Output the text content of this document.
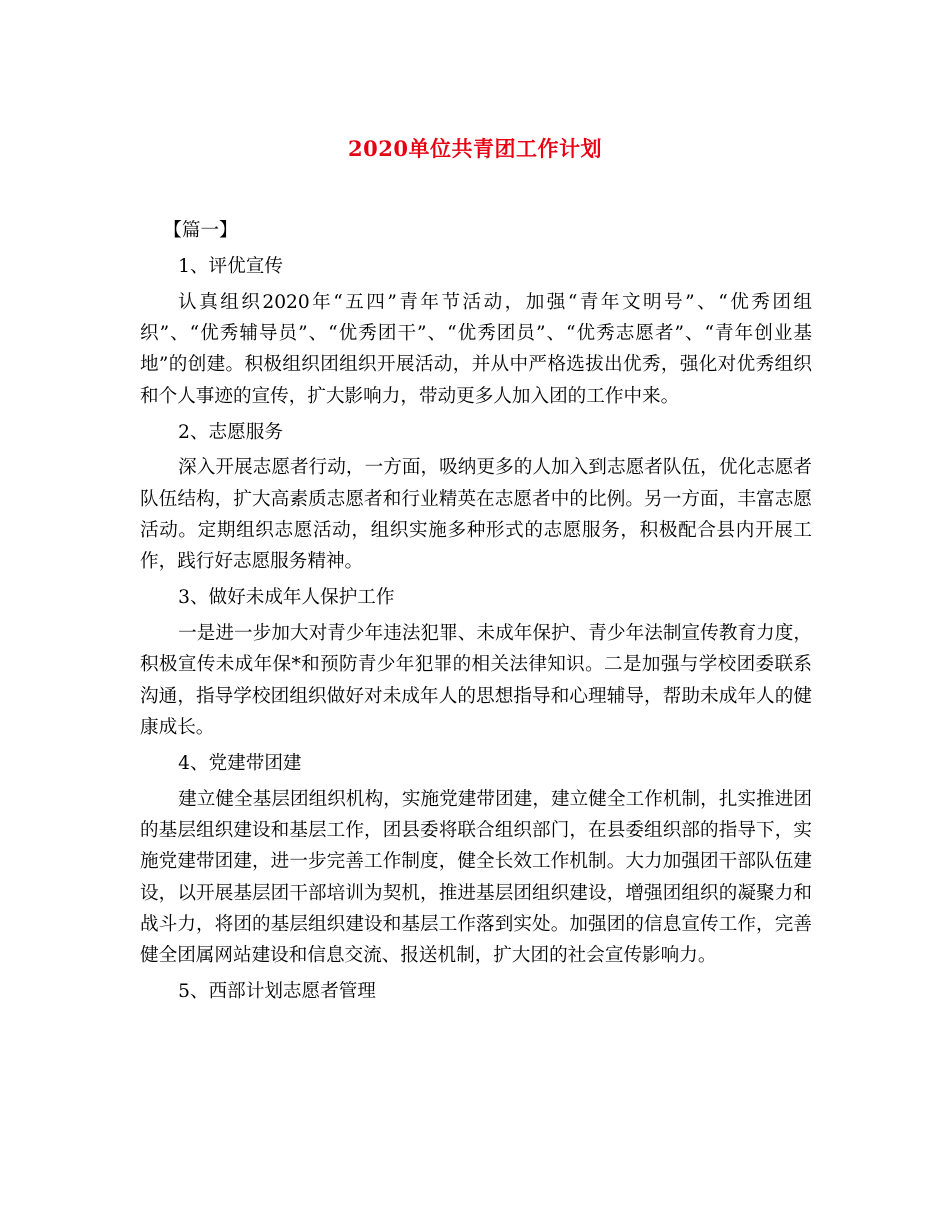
2020单位共青团工作计划

【篇一】

1、评优宣传

认真组织2020年“五四”青年节活动，加强“青年文明号”、“优秀团组织”、“优秀辅导员”、“优秀团干”、“优秀团员”、“优秀志愿者”、“青年创业基地”的创建。积极组织团组织开展活动，并从中严格选拔出优秀，强化对优秀组织和个人事迹的宣传，扩大影响力，带动更多人加入团的工作中来。

2、志愿服务

深入开展志愿者行动，一方面，吸纳更多的人加入到志愿者队伍，优化志愿者队伍结构，扩大高素质志愿者和行业精英在志愿者中的比例。另一方面，丰富志愿活动。定期组织志愿活动，组织实施多种形式的志愿服务，积极配合县内开展工作，践行好志愿服务精神。

3、做好未成年人保护工作

一是进一步加大对青少年违法犯罪、未成年保护、青少年法制宣传教育力度，积极宣传未成年保*和预防青少年犯罪的相关法律知识。二是加强与学校团委联系沟通，指导学校团组织做好对未成年人的思想指导和心理辅导，帮助未成年人的健康成长。

4、党建带团建

建立健全基层团组织机构，实施党建带团建，建立健全工作机制，扎实推进团的基层组织建设和基层工作，团县委将联合组织部门，在县委组织部的指导下，实施党建带团建，进一步完善工作制度，健全长效工作机制。大力加强团干部队伍建设，以开展基层团干部培训为契机，推进基层团组织建设，增强团组织的凝聚力和战斗力，将团的基层组织建设和基层工作落到实处。加强团的信息宣传工作，完善健全团属网站建设和信息交流、报送机制，扩大团的社会宣传影响力。

5、西部计划志愿者管理
